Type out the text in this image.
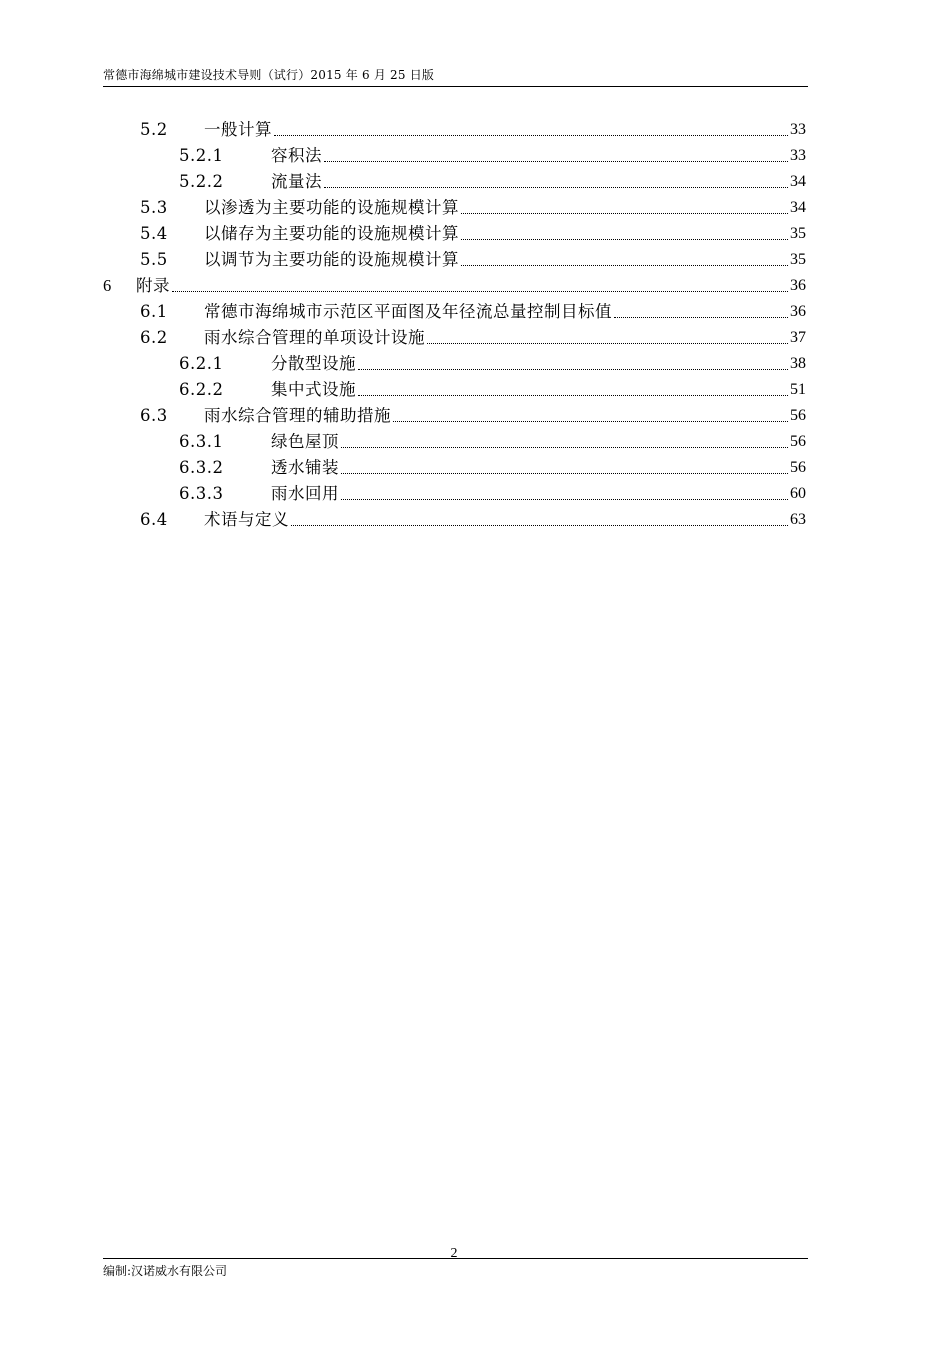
常德市海绵城市建设技术导则（试行）2015 年 6 月 25 日版
5.2	一般计算	33
5.2.1	容积法	33
5.2.2	流量法	34
5.3	以渗透为主要功能的设施规模计算	34
5.4	以储存为主要功能的设施规模计算	35
5.5	以调节为主要功能的设施规模计算	35
6	附录	36
6.1	常德市海绵城市示范区平面图及年径流总量控制目标值	36
6.2	雨水综合管理的单项设计设施	37
6.2.1	分散型设施	38
6.2.2	集中式设施	51
6.3	雨水综合管理的辅助措施	56
6.3.1	绿色屋顶	56
6.3.2	透水铺装	56
6.3.3	雨水回用	60
6.4	术语与定义	63
2
编制:汉诺威水有限公司
